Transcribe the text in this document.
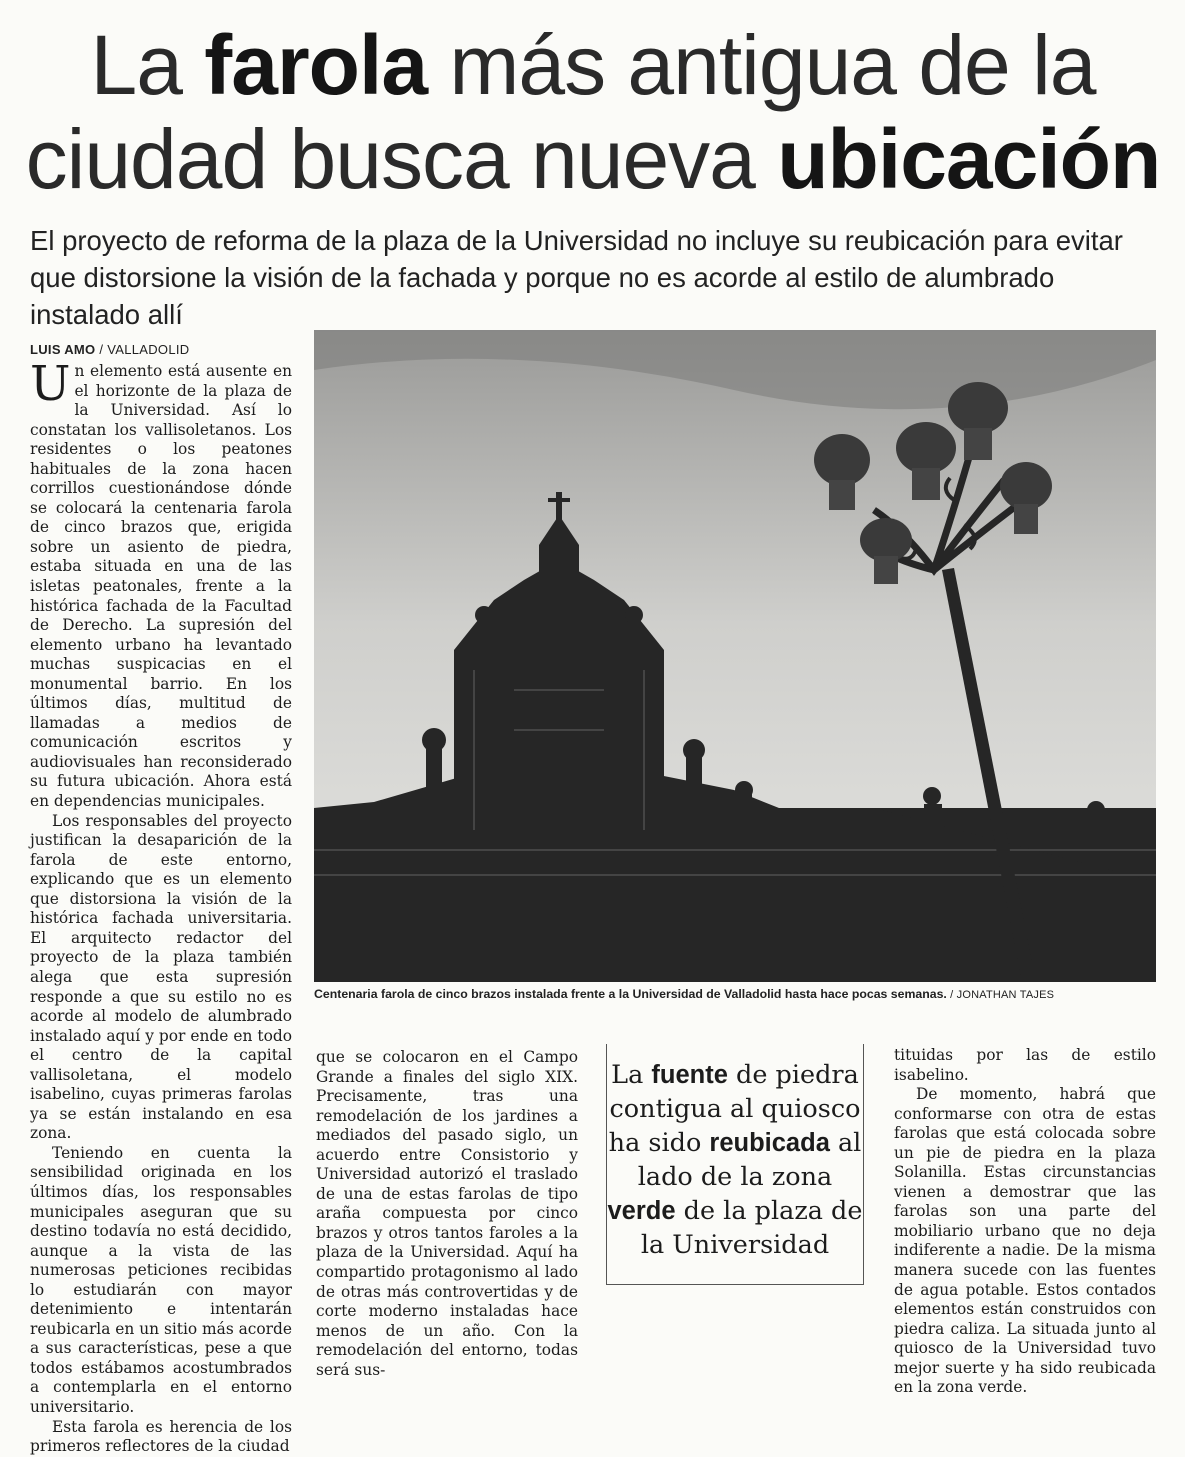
La farola más antigua de la ciudad busca nueva ubicación

El proyecto de reforma de la plaza de la Universidad no incluye su reubicación para evitar que distorsione la visión de la fachada y porque no es acorde al estilo de alumbrado instalado allí

LUIS AMO / VALLADOLID

Un elemento está ausente en el horizonte de la plaza de la Universidad. Así lo constatan los vallisoletanos. Los residentes o los peatones habituales de la zona hacen corrillos cuestionándose dónde se colocará la centenaria farola de cinco brazos que, erigida sobre un asiento de piedra, estaba situada en una de las isletas peatonales, frente a la histórica fachada de la Facultad de Derecho. La supresión del elemento urbano ha levantado muchas suspicacias en el monumental barrio. En los últimos días, multitud de llamadas a medios de comunicación escritos y audiovisuales han reconsiderado su futura ubicación. Ahora está en dependencias municipales.

Los responsables del proyecto justifican la desaparición de la farola de este entorno, explicando que es un elemento que distorsiona la visión de la histórica fachada universitaria. El arquitecto redactor del proyecto de la plaza también alega que esta supresión responde a que su estilo no es acorde al modelo de alumbrado instalado aquí y por ende en todo el centro de la capital vallisoletana, el modelo isabelino, cuyas primeras farolas ya se están instalando en esa zona.

Teniendo en cuenta la sensibilidad originada en los últimos días, los responsables municipales aseguran que su destino todavía no está decidido, aunque a la vista de las numerosas peticiones recibidas lo estudiarán con mayor detenimiento e intentarán reubicarla en un sitio más acorde a sus características, pese a que todos estábamos acostumbrados a contemplarla en el entorno universitario.

Esta farola es herencia de los primeros reflectores de la ciudad

Centenaria farola de cinco brazos instalada frente a la Universidad de Valladolid hasta hace pocas semanas. / JONATHAN TAJES

que se colocaron en el Campo Grande a finales del siglo XIX. Precisamente, tras una remodelación de los jardines a mediados del pasado siglo, un acuerdo entre Consistorio y Universidad autorizó el traslado de una de estas farolas de tipo araña compuesta por cinco brazos y otros tantos faroles a la plaza de la Universidad. Aquí ha compartido protagonismo al lado de otras más controvertidas y de corte moderno instaladas hace menos de un año. Con la remodelación del entorno, todas será sus-

La fuente de piedra contigua al quiosco ha sido reubicada al lado de la zona verde de la plaza de la Universidad

tituidas por las de estilo isabelino.

De momento, habrá que conformarse con otra de estas farolas que está colocada sobre un pie de piedra en la plaza Solanilla. Estas circunstancias vienen a demostrar que las farolas son una parte del mobiliario urbano que no deja indiferente a nadie. De la misma manera sucede con las fuentes de agua potable. Estos contados elementos están construidos con piedra caliza. La situada junto al quiosco de la Universidad tuvo mejor suerte y ha sido reubicada en la zona verde.
